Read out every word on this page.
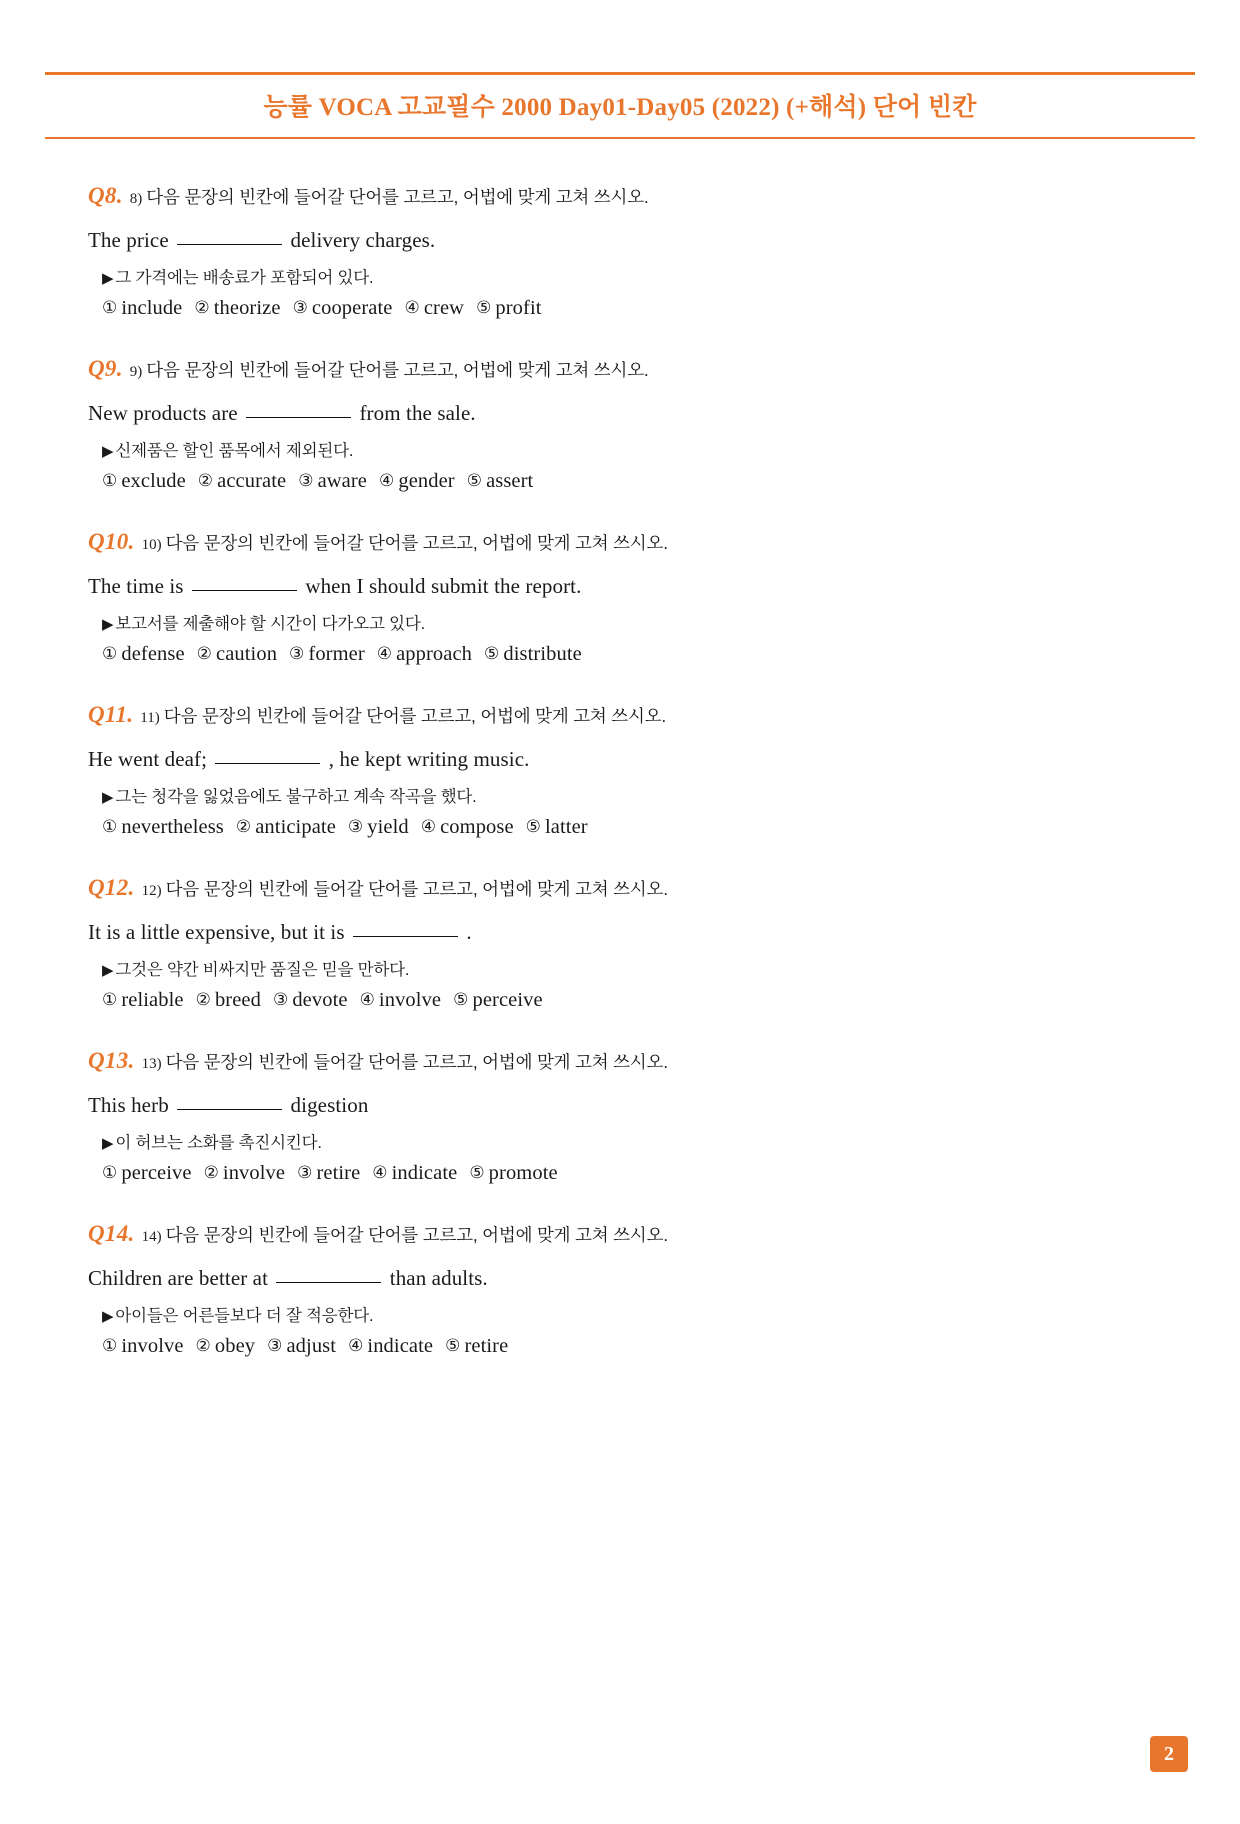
능률 VOCA 고교필수 2000 Day01-Day05 (2022) (+해석) 단어 빈칸
Q8. 8) 다음 문장의 빈칸에 들어갈 단어를 고르고, 어법에 맞게 고쳐 쓰시오.
The price	delivery charges.
▶ 그 가격에는 배송료가 포함되어 있다.
① include ② theorize ③ cooperate ④ crew ⑤ profit
Q9. 9) 다음 문장의 빈칸에 들어갈 단어를 고르고, 어법에 맞게 고쳐 쓰시오.
New products are	from the sale.
▶ 신제품은 할인 품목에서 제외된다.
① exclude ② accurate ③ aware ④ gender ⑤ assert
Q10. 10) 다음 문장의 빈칸에 들어갈 단어를 고르고, 어법에 맞게 고쳐 쓰시오.
The time is	when I should submit the report.
▶ 보고서를 제출해야 할 시간이 다가오고 있다.
① defense ② caution ③ former ④ approach ⑤ distribute
Q11. 11) 다음 문장의 빈칸에 들어갈 단어를 고르고, 어법에 맞게 고쳐 쓰시오.
He went deaf;	, he kept writing music.
▶ 그는 청각을 잃었음에도 불구하고 계속 작곡을 했다.
① nevertheless ② anticipate ③ yield ④ compose ⑤ latter
Q12. 12) 다음 문장의 빈칸에 들어갈 단어를 고르고, 어법에 맞게 고쳐 쓰시오.
It is a little expensive, but it is	.
▶ 그것은 약간 비싸지만 품질은 믿을 만하다.
① reliable ② breed ③ devote ④ involve ⑤ perceive
Q13. 13) 다음 문장의 빈칸에 들어갈 단어를 고르고, 어법에 맞게 고쳐 쓰시오.
This herb	digestion
▶ 이 허브는 소화를 촉진시킨다.
① perceive ② involve ③ retire ④ indicate ⑤ promote
Q14. 14) 다음 문장의 빈칸에 들어갈 단어를 고르고, 어법에 맞게 고쳐 쓰시오.
Children are better at	than adults.
▶ 아이들은 어른들보다 더 잘 적응한다.
① involve ② obey ③ adjust ④ indicate ⑤ retire
2
